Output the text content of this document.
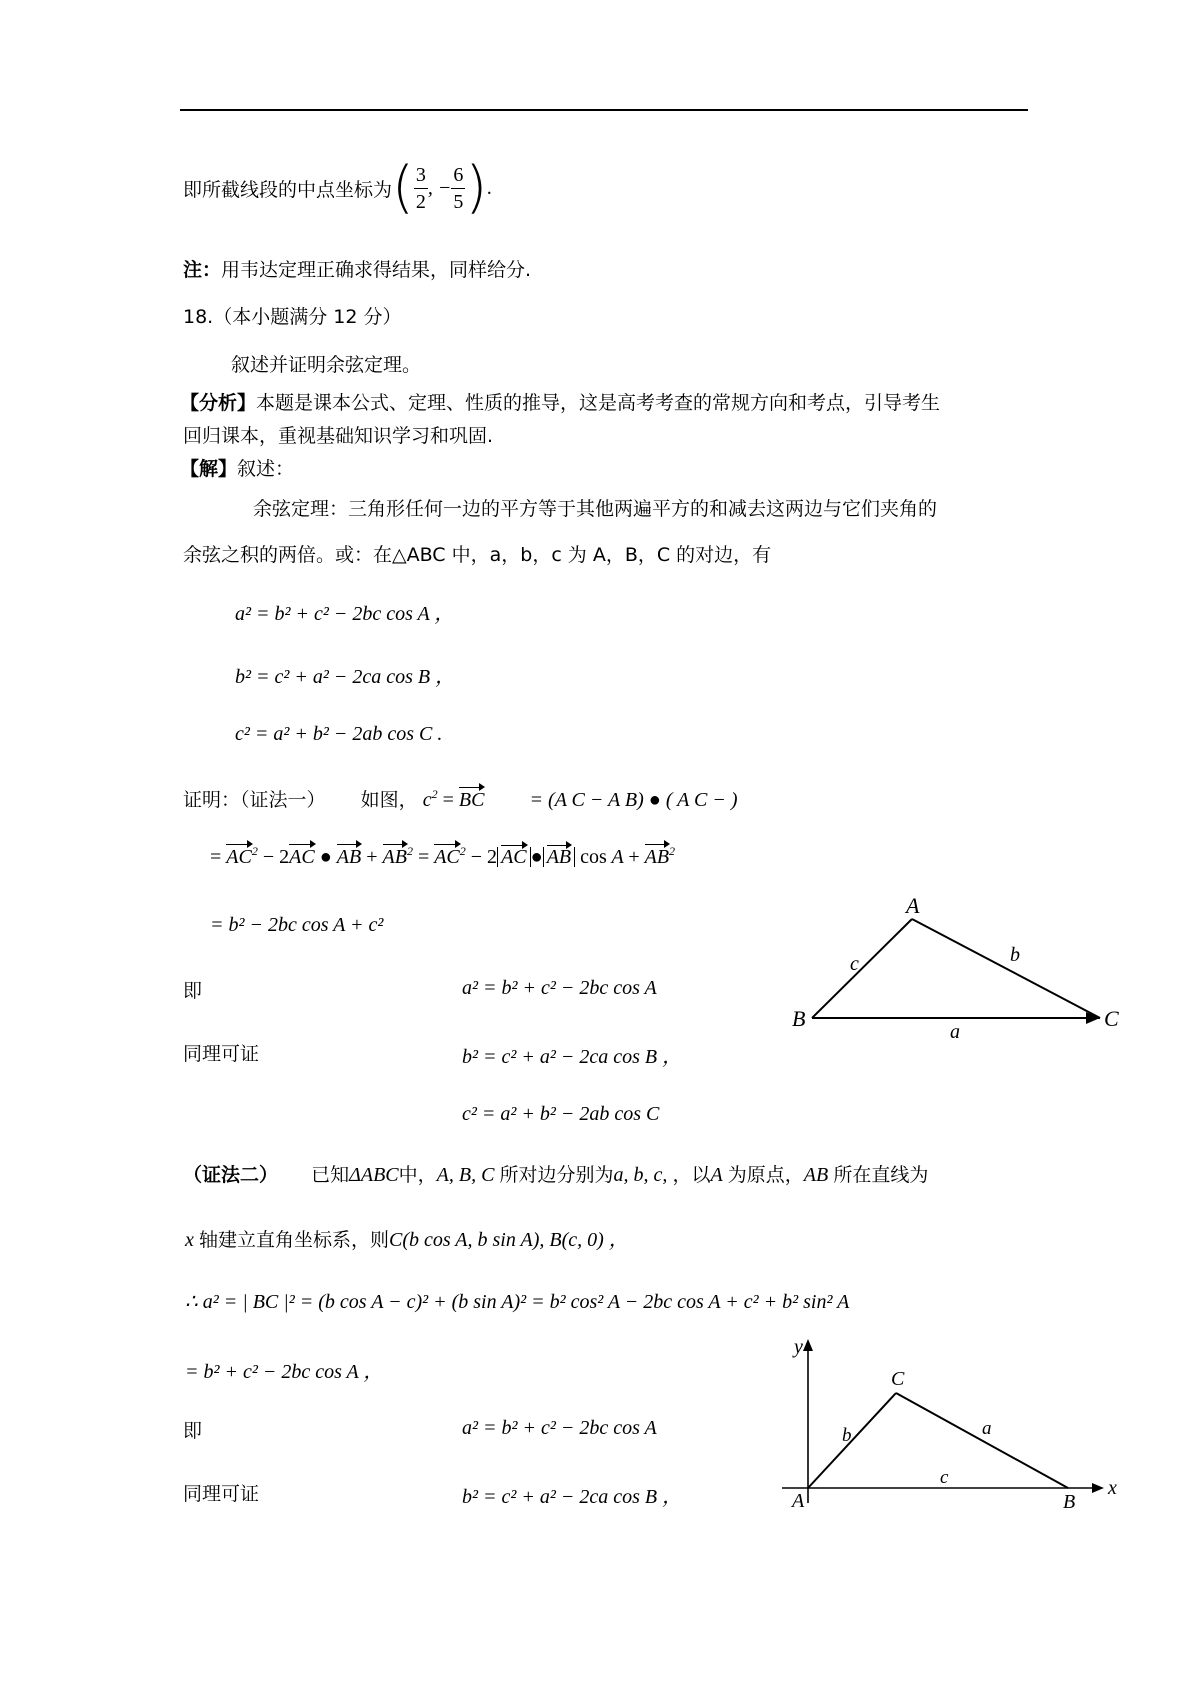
即所截线段的中点坐标为 ( $\frac{3}{2}$ , − $\frac{6}{5}$ ) .
注：用韦达定理正确求得结果，同样给分.
18.（本小题满分 12 分）
叙述并证明余弦定理。
【分析】本题是课本公式、定理、性质的推导，这是高考考查的常规方向和考点，引导考生
回归课本，重视基础知识学习和巩固.
【解】叙述：
余弦定理：三角形任何一边的平方等于其他两遍平方的和减去这两边与它们夹角的
余弦之积的两倍。或：在△ABC 中，a，b，c 为 A，B，C 的对边，有
a² = b² + c² − 2bc cos A ，
b² = c² + a² − 2ca cos B ，
c² = a² + b² − 2ab cos C .
证明：（证法一） 如图， $c^2$ = BC = (A C − A B) ● ( A C − )
= $AC^2 - 2AC$ ● AB + $AB^2 = AC^2 - 2$ AC ● AB $\cos A + AB^2$
= b² − 2bc cos A + c²
即	a² = b² + c² − 2bc cos A
同理可证	b² = c² + a² − 2ca cos B ，
c² = a² + b² − 2ab cos C
A
B	C
c	b
a
（证法二） 已知ΔABC中，A, B, C 所对边分别为a, b, c, ，以A 为原点，AB 所在直线为
x 轴建立直角坐标系，则C(b cos A, b sin A), B(c, 0) ，
∴ a² = | BC |² = (b cos A − c)² + (b sin A)² = b² cos² A − 2bc cos A + c² + b² sin² A
= b² + c² − 2bc cos A ，
即	a² = b² + c² − 2bc cos A
同理可证	b² = c² + a² − 2ca cos B ，
y
x
A	B
C
b	a
c
